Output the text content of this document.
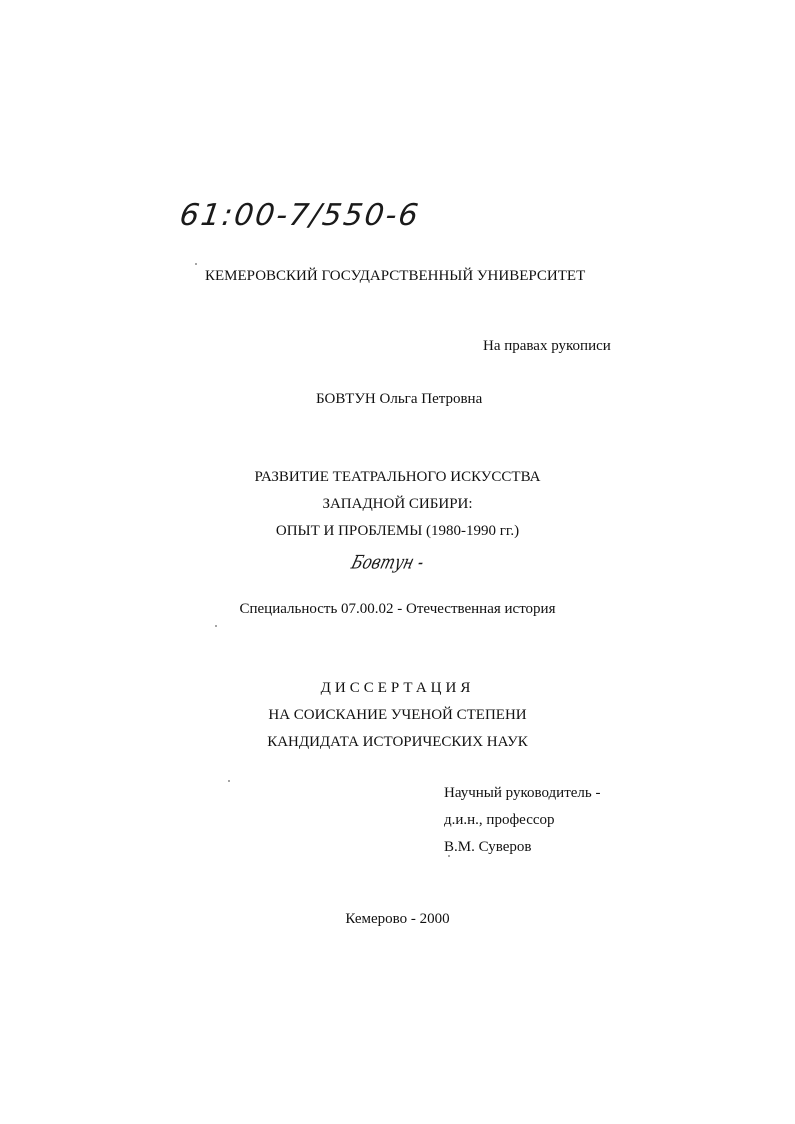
61:00-7/550-6
КЕМЕРОВСКИЙ ГОСУДАРСТВЕННЫЙ УНИВЕРСИТЕТ
На правах рукописи
БОВТУН Ольга Петровна
РАЗВИТИЕ ТЕАТРАЛЬНОГО ИСКУССТВА
ЗАПАДНОЙ СИБИРИ:
ОПЫТ И ПРОБЛЕМЫ (1980-1990 гг.)
Бовтун -
Специальность 07.00.02 - Отечественная история
ДИССЕРТАЦИЯ
НА СОИСКАНИЕ УЧЕНОЙ СТЕПЕНИ
КАНДИДАТА ИСТОРИЧЕСКИХ НАУК
Научный руководитель -
д.и.н., профессор
В.М. Суверов
Кемерово - 2000
